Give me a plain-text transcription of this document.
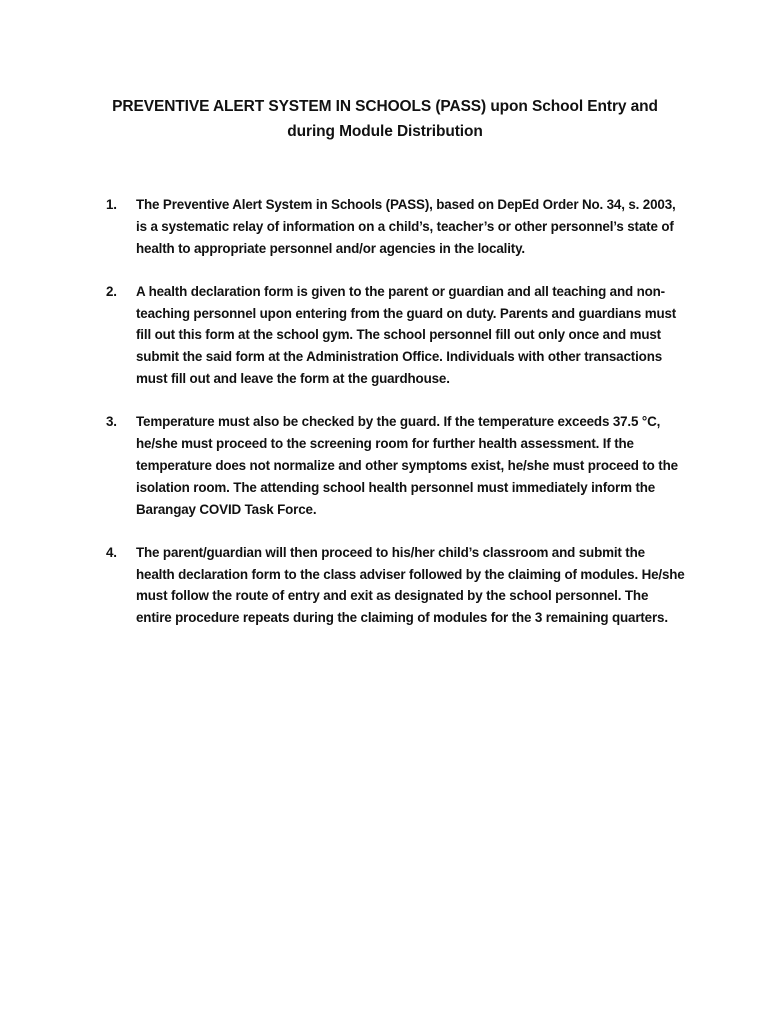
PREVENTIVE ALERT SYSTEM IN SCHOOLS (PASS) upon School Entry and during Module Distribution
1. The Preventive Alert System in Schools (PASS), based on DepEd Order No. 34, s. 2003, is a systematic relay of information on a child’s, teacher’s or other personnel’s state of health to appropriate personnel and/or agencies in the locality.
2. A health declaration form is given to the parent or guardian and all teaching and non-teaching personnel upon entering from the guard on duty. Parents and guardians must fill out this form at the school gym. The school personnel fill out only once and must submit the said form at the Administration Office. Individuals with other transactions must fill out and leave the form at the guardhouse.
3. Temperature must also be checked by the guard. If the temperature exceeds 37.5 °C, he/she must proceed to the screening room for further health assessment. If the temperature does not normalize and other symptoms exist, he/she must proceed to the isolation room. The attending school health personnel must immediately inform the Barangay COVID Task Force.
4. The parent/guardian will then proceed to his/her child’s classroom and submit the health declaration form to the class adviser followed by the claiming of modules. He/she must follow the route of entry and exit as designated by the school personnel. The entire procedure repeats during the claiming of modules for the 3 remaining quarters.
